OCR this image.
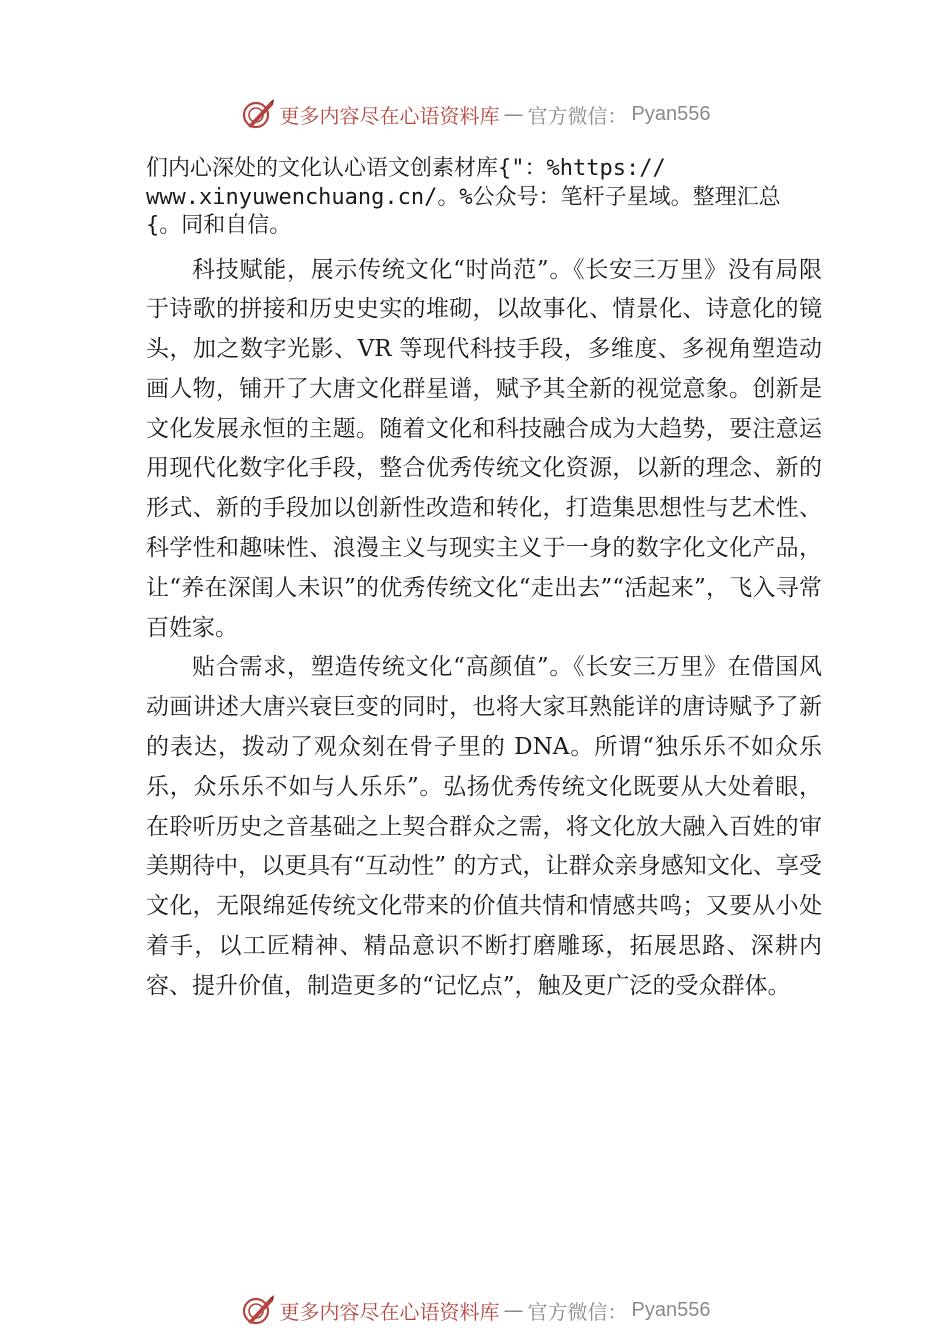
更多内容尽在心语资料库 — 官方微信： Pyan556

们内心深处的文化认心语文创素材库{"：%https://
www.xinyuwenchuang.cn/。%公众号：笔杆子星域。整理汇总
{。同和自信。

科技赋能，展示传统文化“时尚范”。《长安三万里》没有局限于诗歌的拼接和历史史实的堆砌，以故事化、情景化、诗意化的镜头，加之数字光影、VR 等现代科技手段，多维度、多视角塑造动画人物，铺开了大唐文化群星谱，赋予其全新的视觉意象。创新是文化发展永恒的主题。随着文化和科技融合成为大趋势，要注意运用现代化数字化手段，整合优秀传统文化资源，以新的理念、新的形式、新的手段加以创新性改造和转化，打造集思想性与艺术性、科学性和趣味性、浪漫主义与现实主义于一身的数字化文化产品，让“养在深闺人未识”的优秀传统文化“走出去”“活起来”，飞入寻常百姓家。

贴合需求，塑造传统文化“高颜值”。《长安三万里》在借国风动画讲述大唐兴衰巨变的同时，也将大家耳熟能详的唐诗赋予了新的表达，拨动了观众刻在骨子里的 DNA。所谓“独乐乐不如众乐乐，众乐乐不如与人乐乐”。弘扬优秀传统文化既要从大处着眼，在聆听历史之音基础之上契合群众之需，将文化放大融入百姓的审美期待中，以更具有“互动性” 的方式，让群众亲身感知文化、享受文化，无限绵延传统文化带来的价值共情和情感共鸣；又要从小处着手，以工匠精神、精品意识不断打磨雕琢，拓展思路、深耕内容、提升价值，制造更多的“记忆点”，触及更广泛的受众群体。

更多内容尽在心语资料库 — 官方微信： Pyan556
